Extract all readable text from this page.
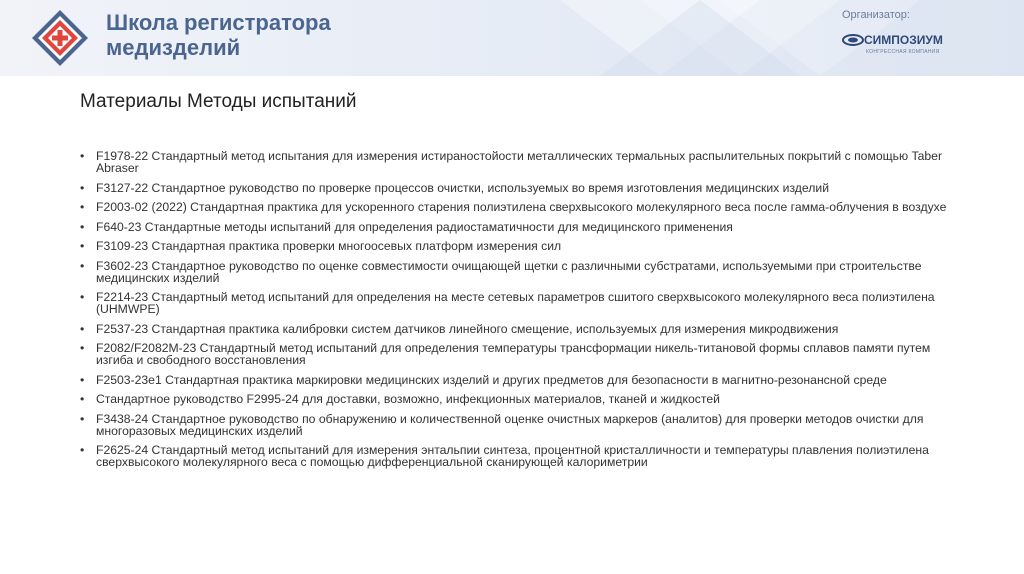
Школа регистратора
медизделий
Организатор:
СИМПОЗИУМ
КОНГРЕССНАЯ КОМПАНИЯ
Материалы Методы испытаний
• F1978-22 Стандартный метод испытания для измерения истираностойости металлических термальных распылительных покрытий с помощью Taber Abraser
• F3127-22 Стандартное руководство по проверке процессов очистки, используемых во время изготовления медицинских изделий
• F2003-02 (2022) Стандартная практика для ускоренного старения полиэтилена сверхвысокого молекулярного веса после гамма-облучения в воздухе
• F640-23 Стандартные методы испытаний для определения радиостаматичности для медицинского применения
• F3109-23 Стандартная практика проверки многоосевых платформ измерения сил
• F3602-23 Стандартное руководство по оценке совместимости очищающей щетки с различными субстратами, используемыми при строительстве медицинских изделий
• F2214-23 Стандартный метод испытаний для определения на месте сетевых параметров сшитого сверхвысокого молекулярного веса полиэтилена (UHMWPE)
• F2537-23 Стандартная практика калибровки систем датчиков линейного смещение, используемых для измерения микродвижения
• F2082/F2082M-23 Стандартный метод испытаний для определения температуры трансформации никель-титановой формы сплавов памяти путем изгиба и свободного восстановления
• F2503-23e1 Стандартная практика маркировки медицинских изделий и других предметов для безопасности в магнитно-резонансной среде
• Стандартное руководство F2995-24 для доставки, возможно, инфекционных материалов, тканей и жидкостей
• F3438-24 Стандартное руководство по обнаружению и количественной оценке очистных маркеров (аналитов) для проверки методов очистки для многоразовых медицинских изделий
• F2625-24 Стандартный метод испытаний для измерения энтальпии синтеза, процентной кристалличности и температуры плавления полиэтилена сверхвысокого молекулярного веса с помощью дифференциальной сканирующей калориметрии
